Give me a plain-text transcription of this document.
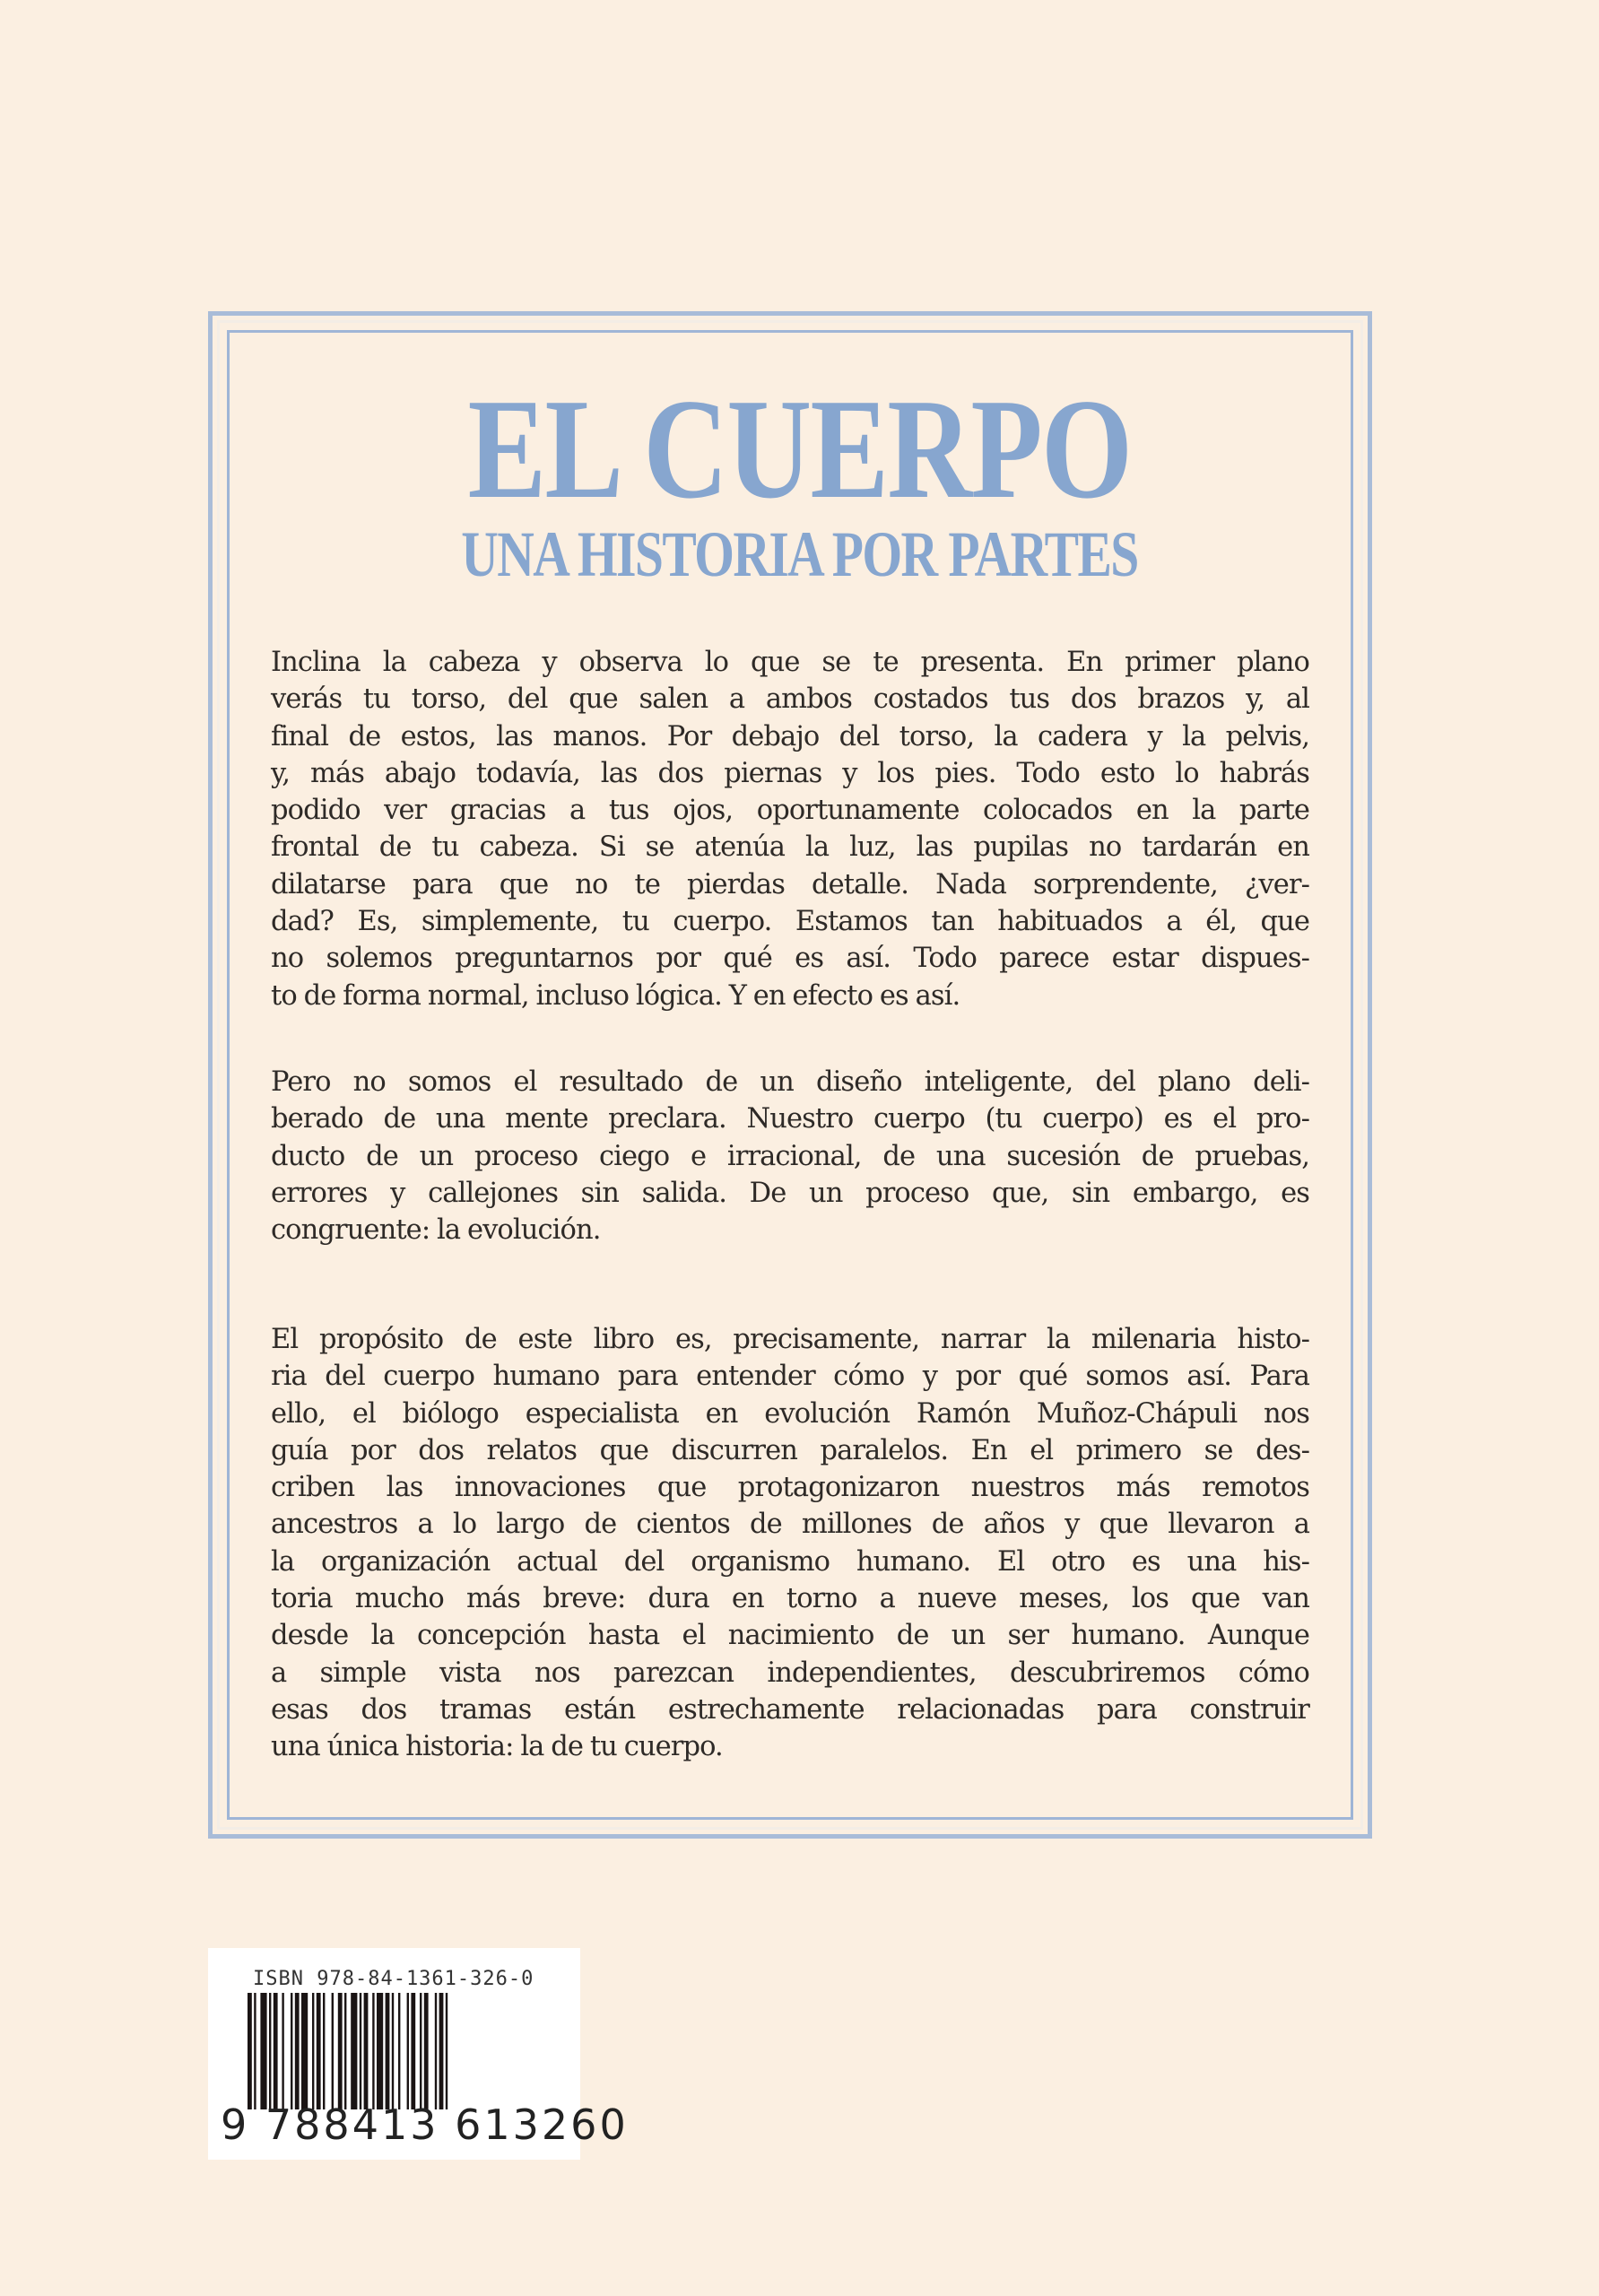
EL CUERPO
UNA HISTORIA POR PARTES
Inclina la cabeza y observa lo que se te presenta. En primer plano
verás tu torso, del que salen a ambos costados tus dos brazos y, al
final de estos, las manos. Por debajo del torso, la cadera y la pelvis,
y, más abajo todavía, las dos piernas y los pies. Todo esto lo habrás
podido ver gracias a tus ojos, oportunamente colocados en la parte
frontal de tu cabeza. Si se atenúa la luz, las pupilas no tardarán en
dilatarse para que no te pierdas detalle. Nada sorprendente, ¿ver-
dad? Es, simplemente, tu cuerpo. Estamos tan habituados a él, que
no solemos preguntarnos por qué es así. Todo parece estar dispues-
to de forma normal, incluso lógica. Y en efecto es así.
Pero no somos el resultado de un diseño inteligente, del plano deli-
berado de una mente preclara. Nuestro cuerpo (tu cuerpo) es el pro-
ducto de un proceso ciego e irracional, de una sucesión de pruebas,
errores y callejones sin salida. De un proceso que, sin embargo, es
congruente: la evolución.
El propósito de este libro es, precisamente, narrar la milenaria histo-
ria del cuerpo humano para entender cómo y por qué somos así. Para
ello, el biólogo especialista en evolución Ramón Muñoz-Chápuli nos
guía por dos relatos que discurren paralelos. En el primero se des-
criben las innovaciones que protagonizaron nuestros más remotos
ancestros a lo largo de cientos de millones de años y que llevaron a
la organización actual del organismo humano. El otro es una his-
toria mucho más breve: dura en torno a nueve meses, los que van
desde la concepción hasta el nacimiento de un ser humano. Aunque
a simple vista nos parezcan independientes, descubriremos cómo
esas dos tramas están estrechamente relacionadas para construir
una única historia: la de tu cuerpo.
ISBN 978-84-1361-326-0
9 788413 613260
